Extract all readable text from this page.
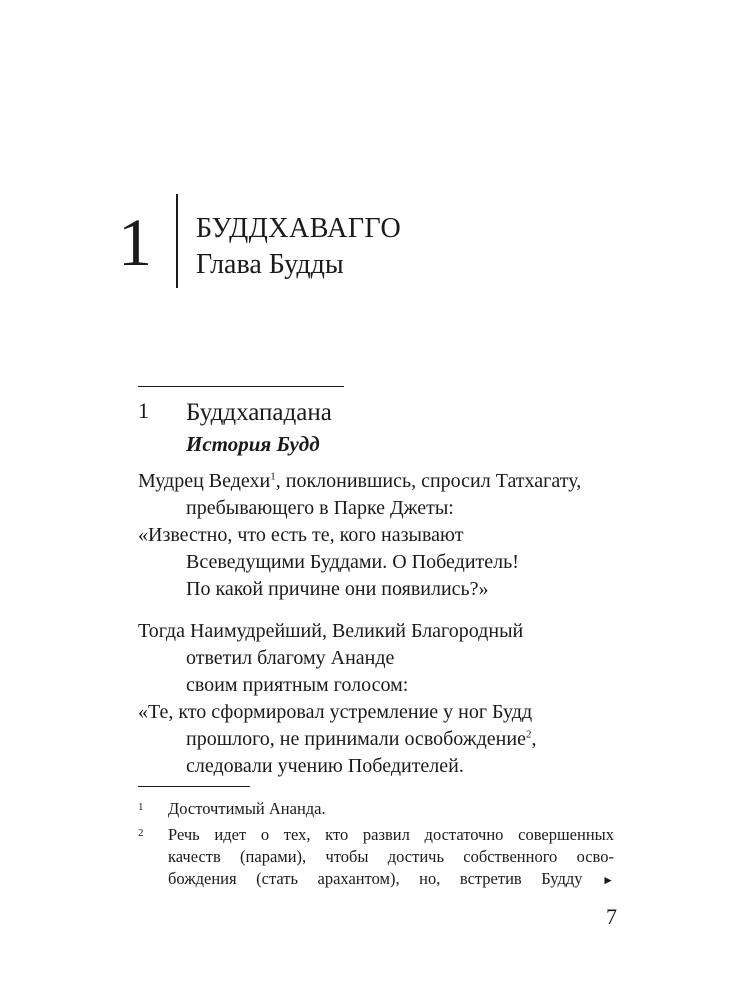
1 БУДДХАВАГГО
Глава Будды
1 Буддхападана
История Будд
Мудрец Ведехи$^1$, поклонившись, спросил Татхагату,
пребывающего в Парке Джеты:
«Известно, что есть те, кого называют
Всеведущими Буддами. О Победитель!
По какой причине они появились?»
Тогда Наимудрейший, Великий Благородный
ответил благому Ананде
своим приятным голосом:
«Те, кто сформировал устремление у ног Будд
прошлого, не принимали освобождение$^2$,
следовали учению Победителей.
1	Досточтимый Ананда.
2	Речь идет о тех, кто развил достаточно совершенных
качеств (парами), чтобы достичь собственного осво-
бождения (стать арахантом), но, встретив Будду ►
7
